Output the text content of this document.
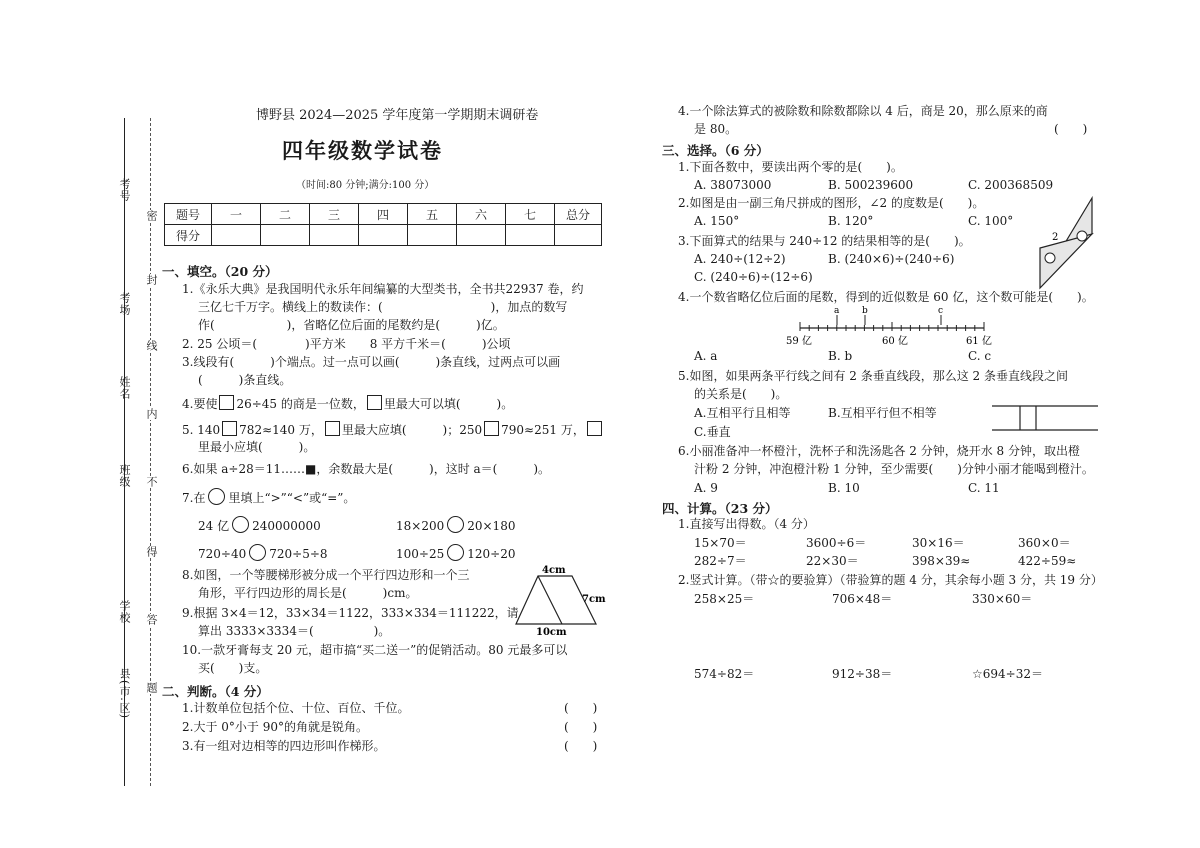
考号
考场
姓名
班级
学校
县(市.区)
密
封
线
内
不
得
答
题
博野县 2024—2025 学年度第一学期期末调研卷
四年级数学试卷
（时间:80 分钟;满分:100 分）
题号	一	二	三	四	五	六	七	总分
得分								
一、填空。（20 分）
1.《永乐大典》是我国明代永乐年间编纂的大型类书，全书共22937 卷，约
三亿七千万字。横线上的数读作：(　　　　　　　　　)，加点的数写
作(　　　　　　)，省略亿位后面的尾数约是(　　　)亿。
2. 25 公顷＝(　　　　)平方米　　8 平方千米＝(　　　)公顷
3.线段有(　　　)个端点。过一点可以画(　　　)条直线，过两点可以画
(　　　)条直线。
4.要使 26÷45 的商是一位数， 里最大可以填(　　　)。
5. 140 782≈140 万， 里最大应填(　　　)；250 790≈251 万，
里最小应填(　　　)。
6.如果 a÷28＝11……■，余数最大是(　　　)，这时 a＝(　　　)。
7.在 里填上“>”“<”或“=”。
24 亿 240000000	18×200 20×180
720÷40 720÷5÷8	100÷25 120÷20
8.如图，一个等腰梯形被分成一个平行四边形和一个三
角形，平行四边形的周长是(　　　)cm。
9.根据 3×4＝12，33×34＝1122，333×334＝111222，请
算出 3333×3334＝(　　　　　)。
10.一款牙膏每支 20 元，超市搞“买二送一”的促销活动。80 元最多可以
买(　　)支。
4cm
7cm
10cm
二、判断。（4 分）
1.计数单位包括个位、十位、百位、千位。	(　　)
2.大于 0°小于 90°的角就是锐角。	(　　)
3.有一组对边相等的四边形叫作梯形。	(　　)
4.一个除法算式的被除数和除数都除以 4 后，商是 20，那么原来的商
是 80。	(　　)
三、选择。（6 分）
1.下面各数中，要读出两个零的是(　　)。
A. 38073000	B. 500239600	C. 200368509
2.如图是由一副三角尺拼成的图形，∠2 的度数是(　　)。
A. 150°	B. 120°	C. 100°
2
3.下面算式的结果与 240÷12 的结果相等的是(　　)。
A. 240÷(12÷2)	B. (240×6)÷(240÷6)
C. (240÷6)÷(12÷6)
4.一个数省略亿位后面的尾数，得到的近似数是 60 亿，这个数可能是(　　)。
a	b	c
59 亿	60 亿	61 亿
A. a	B. b	C. c
5.如图，如果两条平行线之间有 2 条垂直线段，那么这 2 条垂直线段之间
的关系是(　　)。
A.互相平行且相等	B.互相平行但不相等
C.垂直
6.小丽准备冲一杯橙汁，洗杯子和洗汤匙各 2 分钟，烧开水 8 分钟，取出橙
汁粉 2 分钟，冲泡橙汁粉 1 分钟，至少需要(　　)分钟小丽才能喝到橙汁。
A. 9	B. 10	C. 11
四、计算。（23 分）
1.直接写出得数。（4 分）
15×70＝	3600÷6＝	30×16＝	360×0＝
282÷7＝	22×30＝	398×39≈	422÷59≈
2.竖式计算。（带☆的要验算）（带验算的题 4 分，其余每小题 3 分，共 19 分）
258×25＝	706×48＝	330×60＝
574÷82＝	912÷38＝	☆694÷32＝
